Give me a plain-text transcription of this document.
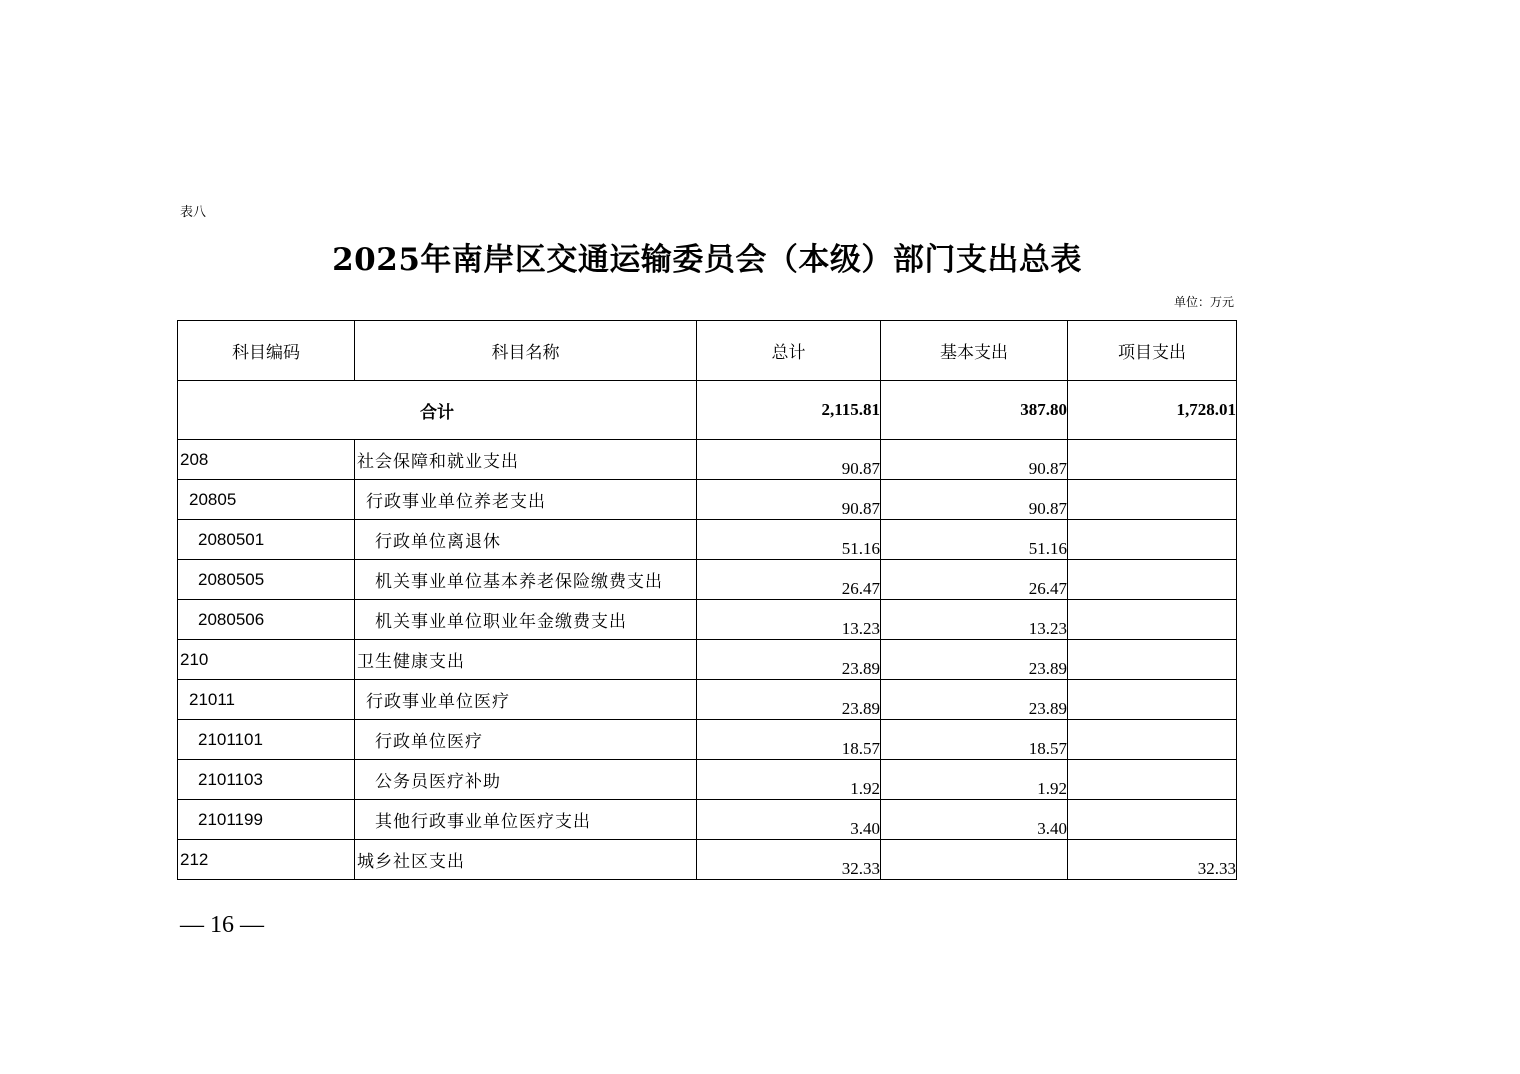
表八
2025年南岸区交通运输委员会（本级）部门支出总表
单位：万元
科目编码	科目名称	总计	基本支出	项目支出
合计		2,115.81	387.80	1,728.01
208	社会保障和就业支出	90.87	90.87	
20805	行政事业单位养老支出	90.87	90.87	
2080501	行政单位离退休	51.16	51.16	
2080505	机关事业单位基本养老保险缴费支出	26.47	26.47	
2080506	机关事业单位职业年金缴费支出	13.23	13.23	
210	卫生健康支出	23.89	23.89	
21011	行政事业单位医疗	23.89	23.89	
2101101	行政单位医疗	18.57	18.57	
2101103	公务员医疗补助	1.92	1.92	
2101199	其他行政事业单位医疗支出	3.40	3.40	
212	城乡社区支出	32.33		32.33
— 16 —
